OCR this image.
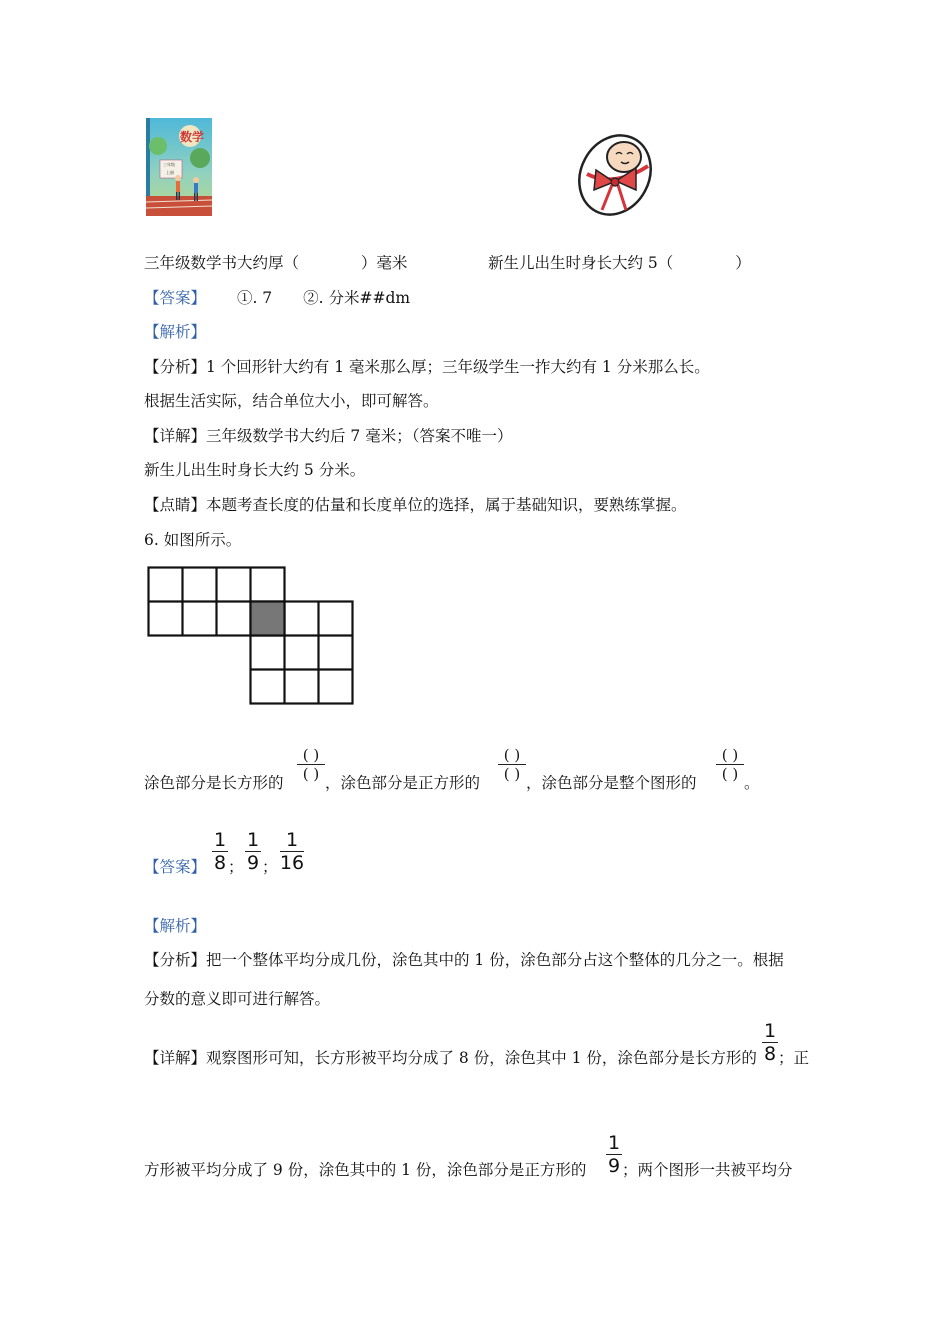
数学
三年级
上册
三年级数学书大约厚（　　　　）毫米	新生儿出生时身长大约 5（　　　　）
【答案】 ①. 7　　②. 分米##dm
【解析】
【分析】1 个回形针大约有 1 毫米那么厚；三年级学生一拃大约有 1 分米那么长。
根据生活实际，结合单位大小，即可解答。
【详解】三年级数学书大约后 7 毫米；（答案不唯一）
新生儿出生时身长大约 5 分米。
【点睛】本题考查长度的估量和长度单位的选择，属于基础知识，要熟练掌握。
6. 如图所示。
涂色部分是长方形的
( )
( ) ，涂色部分是正方形的
( )
( ) ，涂色部分是整个图形的
( )
( ) 。
【答案】
1
8 ；
1
9 ；
1
16
【解析】
【分析】把一个整体平均分成几份，涂色其中的 1 份，涂色部分占这个整体的几分之一。根据
分数的意义即可进行解答。
【详解】观察图形可知，长方形被平均分成了 8 份，涂色其中 1 份，涂色部分是长方形的
1
8 ；正
方形被平均分成了 9 份，涂色其中的 1 份，涂色部分是正方形的
1
9 ；两个图形一共被平均分
